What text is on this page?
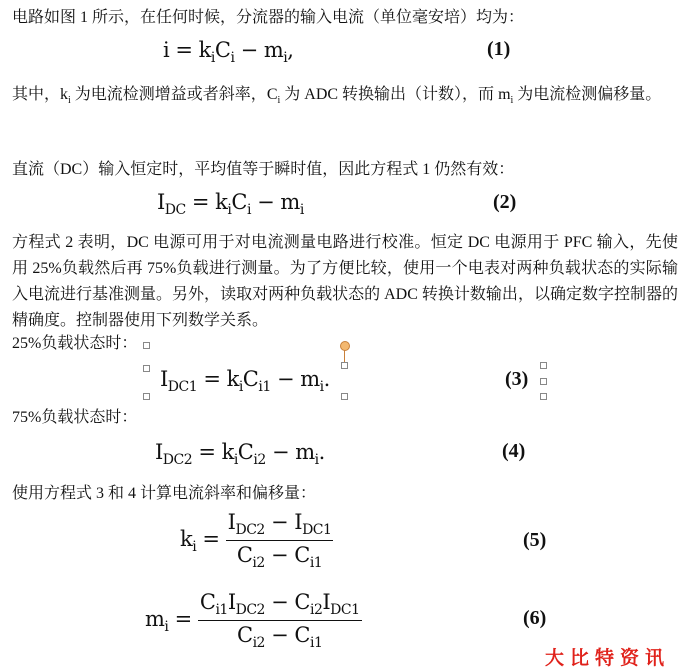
电路如图 1 所示，在任何时候，分流器的输入电流（单位毫安培）均为：
$i = k_iC_i - m_i$,	(1)
其中，$k_i$ 为电流检测增益或者斜率，$C_i$ 为 ADC 转换输出（计数），而 $m_i$ 为电流检测偏移量。
直流（DC）输入恒定时，平均值等于瞬时值，因此方程式 1 仍然有效：
$I_{DC} = k_iC_i - m_i$	(2)
方程式 2 表明，DC 电源可用于对电流测量电路进行校准。恒定 DC 电源用于 PFC 输入，先使用 25%负载然后再 75%负载进行测量。为了方便比较，使用一个电表对两种负载状态的实际输入电流进行基准测量。另外，读取对两种负载状态的 ADC 转换计数输出，以确定数字控制器的精确度。控制器使用下列数学关系。
25%负载状态时：
$I_{DC1} = k_iC_{i1} - m_i$.	(3)
75%负载状态时：
$I_{DC2} = k_iC_{i2} - m_i$.	(4)
使用方程式 3 和 4 计算电流斜率和偏移量：
$k_i = \frac{I_{DC2} - I_{DC1}}{C_{i2} - C_{i1}}$	(5)
$m_i = \frac{C_{i1}I_{DC2} - C_{i2}I_{DC1}}{C_{i2} - C_{i1}}$	(6)
大比特资讯
